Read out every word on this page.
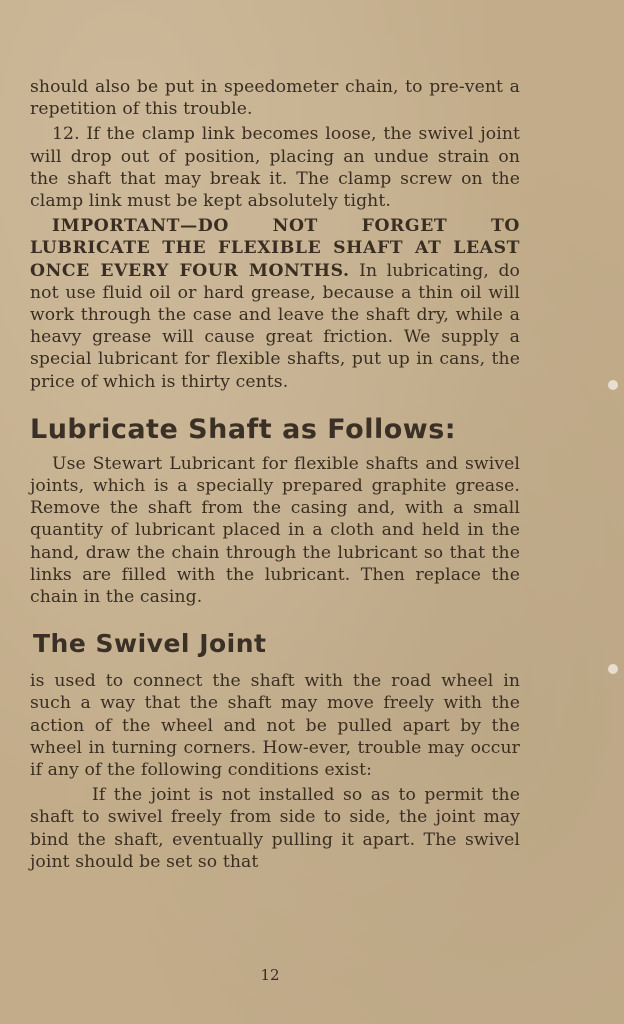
should also be put in speedometer chain, to pre-vent a repetition of this trouble.

12. If the clamp link becomes loose, the swivel joint will drop out of position, placing an undue strain on the shaft that may break it. The clamp screw on the clamp link must be kept absolutely tight.

IMPORTANT—DO NOT FORGET TO LUBRICATE THE FLEXIBLE SHAFT AT LEAST ONCE EVERY FOUR MONTHS. In lubricating, do not use fluid oil or hard grease, because a thin oil will work through the case and leave the shaft dry, while a heavy grease will cause great friction. We supply a special lubricant for flexible shafts, put up in cans, the price of which is thirty cents.

Lubricate Shaft as Follows:

Use Stewart Lubricant for flexible shafts and swivel joints, which is a specially prepared graphite grease. Remove the shaft from the casing and, with a small quantity of lubricant placed in a cloth and held in the hand, draw the chain through the lubricant so that the links are filled with the lubricant. Then replace the chain in the casing.

The Swivel Joint

is used to connect the shaft with the road wheel in such a way that the shaft may move freely with the action of the wheel and not be pulled apart by the wheel in turning corners. How-ever, trouble may occur if any of the following conditions exist:

If the joint is not installed so as to permit the shaft to swivel freely from side to side, the joint may bind the shaft, eventually pulling it apart. The swivel joint should be set so that

12
